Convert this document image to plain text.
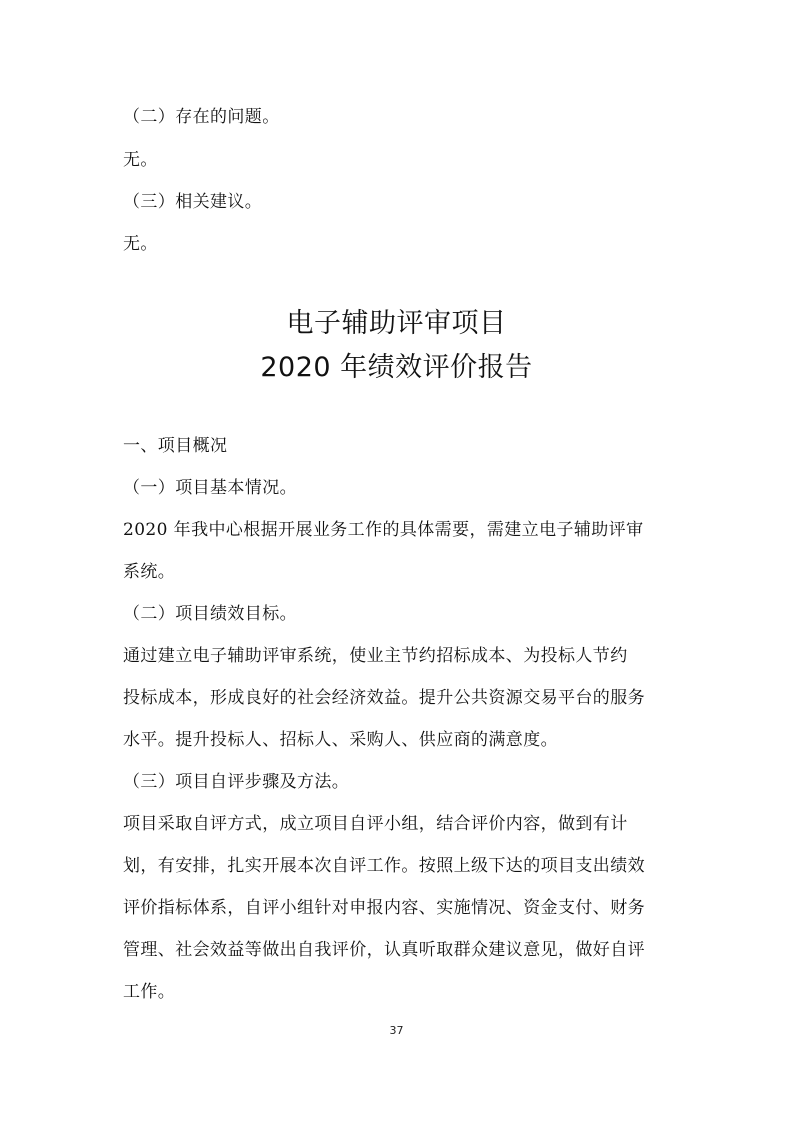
（二）存在的问题。
无。
（三）相关建议。
无。
电子辅助评审项目
2020 年绩效评价报告
一、项目概况
（一）项目基本情况。
2020 年我中心根据开展业务工作的具体需要，需建立电子辅助评审
系统。
（二）项目绩效目标。
通过建立电子辅助评审系统，使业主节约招标成本、为投标人节约
投标成本，形成良好的社会经济效益。提升公共资源交易平台的服务
水平。提升投标人、招标人、采购人、供应商的满意度。
（三）项目自评步骤及方法。
项目采取自评方式，成立项目自评小组，结合评价内容，做到有计
划，有安排，扎实开展本次自评工作。按照上级下达的项目支出绩效
评价指标体系，自评小组针对申报内容、实施情况、资金支付、财务
管理、社会效益等做出自我评价，认真听取群众建议意见，做好自评
工作。
37
